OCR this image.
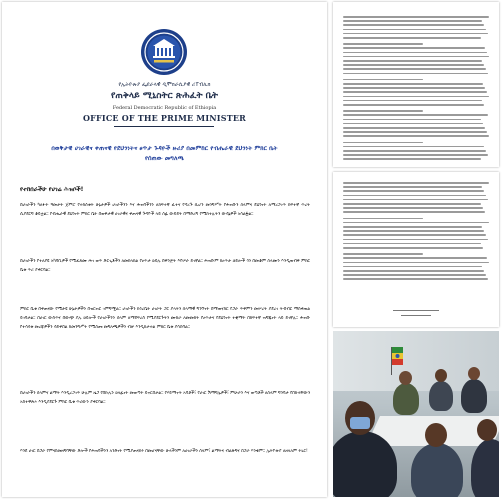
የኢትዮጵያ ፌደራላዊ ዲሞክራሲያዊ ሪፐብሊክ
የጠቅላይ ሚኒስትር ጽሕፈት ቤት
Federal Democratic Republic of Ethiopia
OFFICE OF THE PRIME MINISTER
በወቅታዊ ሀገራዊና ቀጠናዊ የደህንነትና ፀጥታ ጉዳዮች ዙሪያ በመምከር የብሔራዊ ደህንነት ምክር ቤት
የሰጠው መግለጫ
የተከበራችሁ የሀገሬ ሕዝቦች!

በሀገራችን ካለፉት ዓመታት ጀምሮ የተከሰቱት ሁኔታዎች ሀገራችንን እና ሕዝባችንን ለከፍተኛ ፈተና የዳረጉ ሲሆን መንግሥት የሕዝቡን ሰላምና ደህንነት ለማረጋገጥ ከፍተኛ ጥረት ሲያደርግ ቆይቷል። የብሔራዊ ደህንነት ምክር ቤት በወቅታዊ ሀገራዊና ቀጠናዊ ጉዳዮች ላይ ሰፊ ውይይት በማድረግ የሚከተሉትን ውሳኔዎች አሳልፏል።

በሀገራችን የተለያዩ አካባቢዎች የሚፈጸሙ ሕገ ወጥ ድርጊቶችን ለመከላከል የፀጥታ ኃይሉ በቅንጅት እየሠራ ይገኛል። ሕዝቡም ከፀጥታ ኃይሎች ጎን በመቆም ሰላሙን እንዲጠብቅ ምክር ቤቱ ጥሪ ያቀርባል።

ምክር ቤቱ በቀጠናው የሚታዩ ሁኔታዎችን በዝርዝር ገምግሟል። ሀገራችን ከጎረቤት ሀገራት ጋር ያላትን ሰላማዊ ግንኙነት በማጠናከር የጋራ ጥቅምን መሠረት ያደረገ ትብብር ማስቀጠል ይገባታል። በሀገር ውስጥና በውጭ ያሉ ኃይሎች የሀገራችንን ሰላም ለማደፍረስ የሚያደርጉትን ሙከራ ለመመከት የፀጥታና የደህንነት ተቋማት በከፍተኛ ዝግጁነት ላይ ይገኛሉ። ሕዝቡ የተሳሳቱ መረጃዎችን ሳይቀበል ከመንግሥት የሚሰጡ መግለጫዎችን ብቻ እንዲከታተል ምክር ቤቱ ያሳስባል።

በሀገራችን ሰላምና ልማት እንዲረጋገጥ ሁሉም ዜጋ የበኩሉን ኃላፊነት መወጣት ይኖርበታል። የሃይማኖት አባቶች፣ የሀገር ሽማግሌዎች፣ ምሁራን እና ወጣቶች ለሰላም ግንባታ የበኩላቸውን አስተዋጽኦ እንዲያደርጉ ምክር ቤቱ ጥሪውን ያቀርባል።

እንደ ሀገር በጋራ የምናስመዘግባቸው ድሎች የሕዝባችንን አንድነት የሚያጠናክሩ በመሆናቸው ሁላችንም ለሀገራችን ሰላም፣ ልማትና ብልጽግና በጋራ እንቁም። ኢትዮጵያ ለዘላለም ትኑር!
